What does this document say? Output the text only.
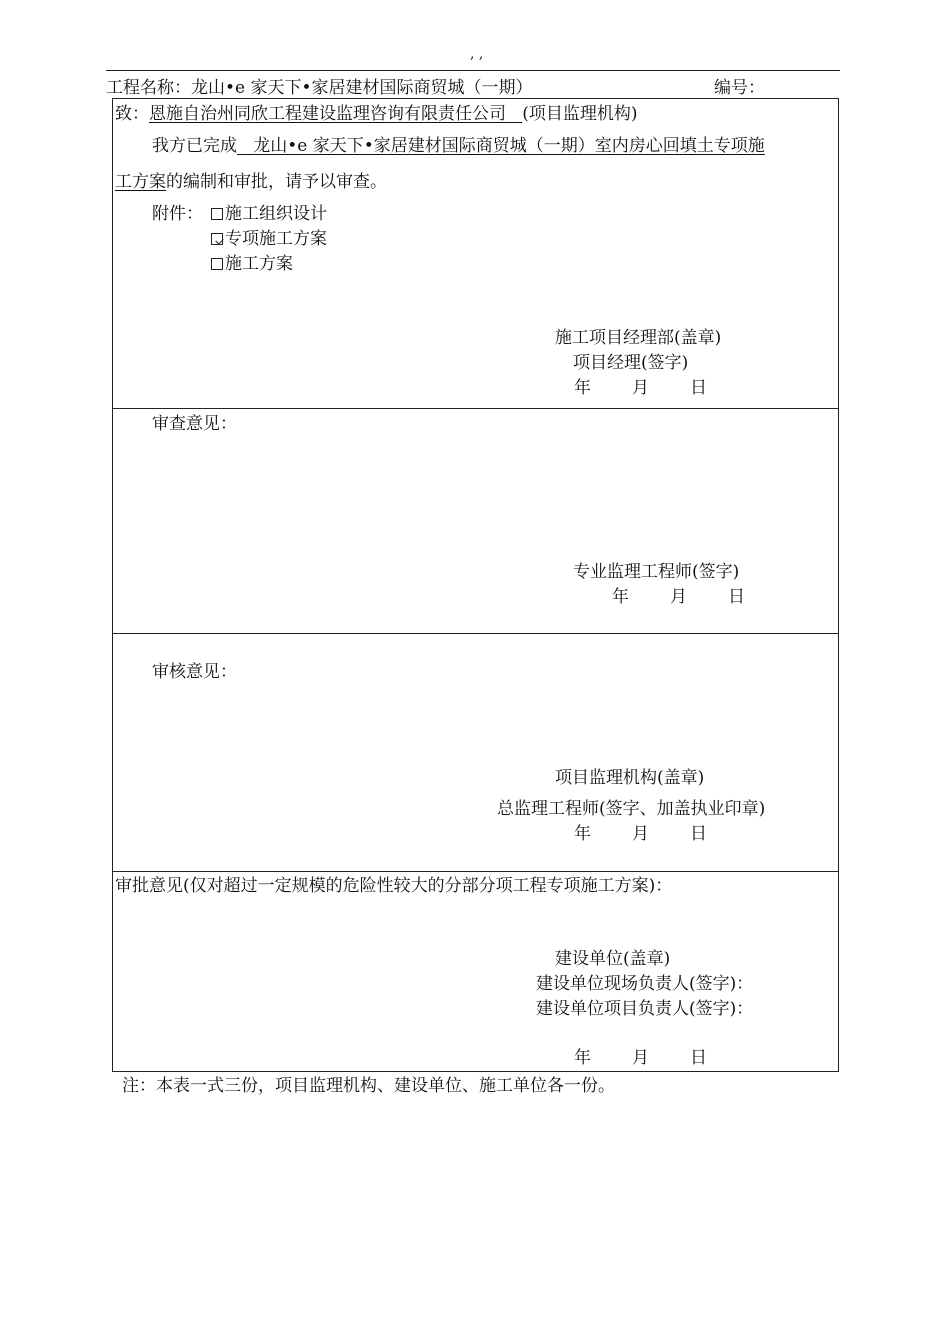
, ,
工程名称：龙山•e 家天下•家居建材国际商贸城（一期）	编号：
致：恩施自治州同欣工程建设监理咨询有限责任公司 (项目监理机构)
我方已完成 龙山•e 家天下•家居建材国际商贸城（一期）室内房心回填土专项施
工方案的编制和审批，请予以审查。
附件：	施工组织设计
专项施工方案
施工方案
施工项目经理部(盖章)
项目经理(签字)
年 月 日
审查意见：
专业监理工程师(签字)
年 月 日
审核意见：
项目监理机构(盖章)
总监理工程师(签字、加盖执业印章)
年 月 日
审批意见(仅对超过一定规模的危险性较大的分部分项工程专项施工方案)：
建设单位(盖章)
建设单位现场负责人(签字)：
建设单位项目负责人(签字)：
年 月 日
注：本表一式三份，项目监理机构、建设单位、施工单位各一份。
